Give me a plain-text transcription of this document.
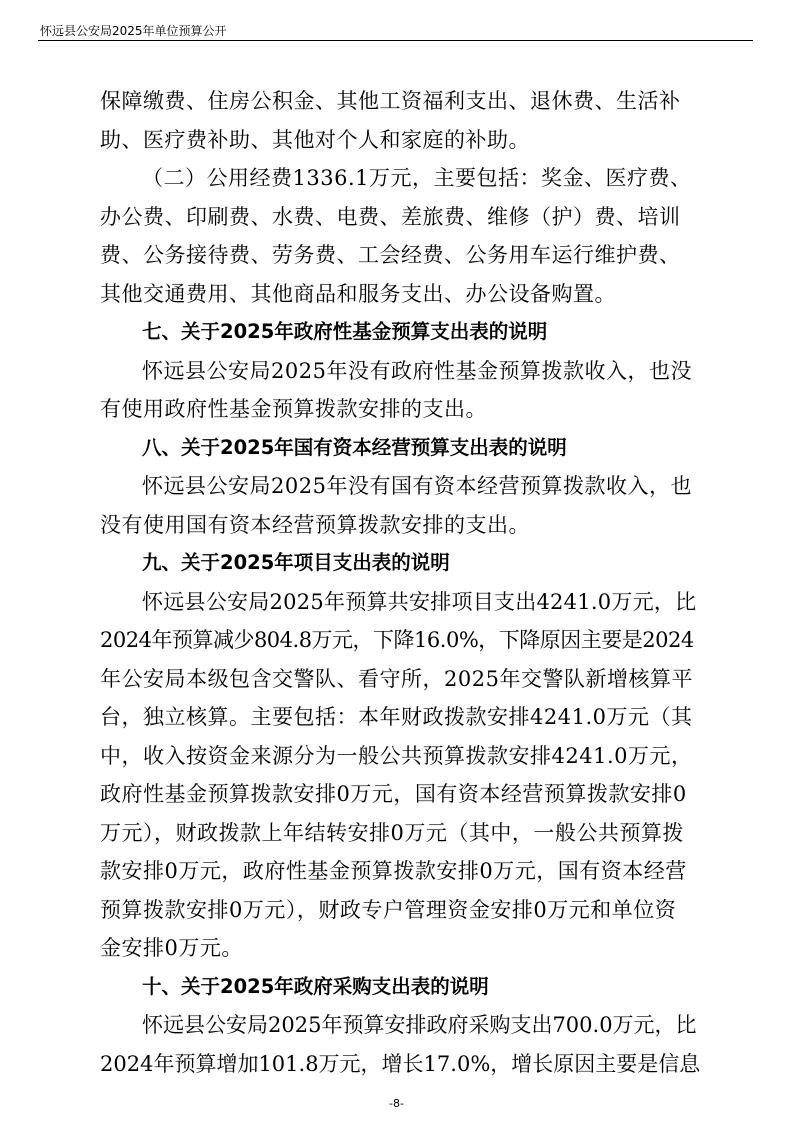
怀远县公安局2025年单位预算公开

保障缴费、住房公积金、其他工资福利支出、退休费、生活补

助、医疗费补助、其他对个人和家庭的补助。

（二）公用经费1336.1万元，主要包括：奖金、医疗费、

办公费、印刷费、水费、电费、差旅费、维修（护）费、培训

费、公务接待费、劳务费、工会经费、公务用车运行维护费、

其他交通费用、其他商品和服务支出、办公设备购置。

七、关于2025年政府性基金预算支出表的说明

怀远县公安局2025年没有政府性基金预算拨款收入，也没

有使用政府性基金预算拨款安排的支出。

八、关于2025年国有资本经营预算支出表的说明

怀远县公安局2025年没有国有资本经营预算拨款收入，也

没有使用国有资本经营预算拨款安排的支出。

九、关于2025年项目支出表的说明

怀远县公安局2025年预算共安排项目支出4241.0万元，比

2024年预算减少804.8万元，下降16.0%，下降原因主要是2024

年公安局本级包含交警队、看守所，2025年交警队新增核算平

台，独立核算。主要包括：本年财政拨款安排4241.0万元（其

中，收入按资金来源分为一般公共预算拨款安排4241.0万元，

政府性基金预算拨款安排0万元，国有资本经营预算拨款安排0

万元），财政拨款上年结转安排0万元（其中，一般公共预算拨

款安排0万元，政府性基金预算拨款安排0万元，国有资本经营

预算拨款安排0万元），财政专户管理资金安排0万元和单位资

金安排0万元。

十、关于2025年政府采购支出表的说明

怀远县公安局2025年预算安排政府采购支出700.0万元，比

2024年预算增加101.8万元，增长17.0%，增长原因主要是信息

-8-
